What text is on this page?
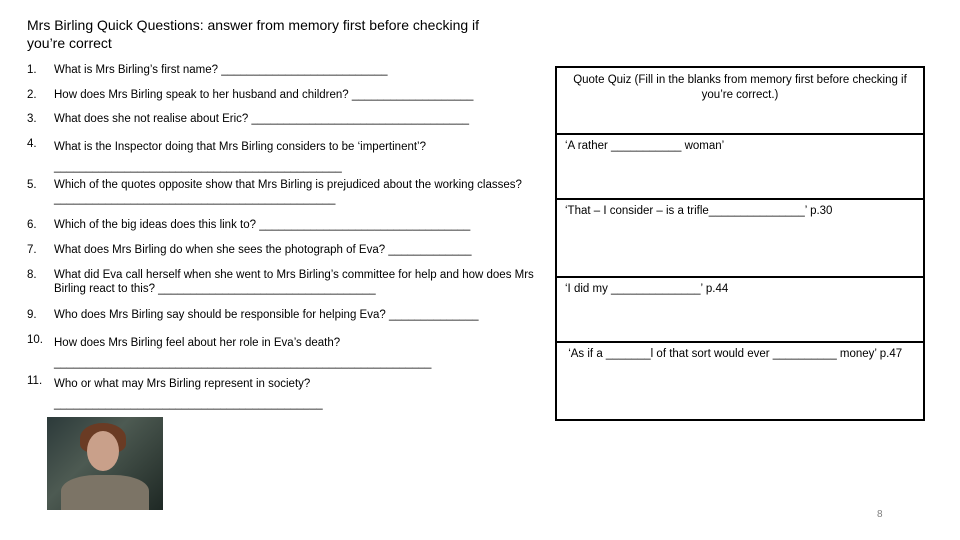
Mrs Birling Quick Questions: answer from memory first before checking if you’re correct
1.	What is Mrs Birling’s first name? __________________________
2.	How does Mrs Birling speak to her husband and children? ___________________
3.	What does she not realise about Eric? __________________________________
4.	What is the Inspector doing that Mrs Birling considers to be ‘impertinent’?
_____________________________________________
5.	Which of the quotes opposite show that Mrs Birling is prejudiced about the working classes? ____________________________________________
6.	Which of the big ideas does this link to? _________________________________
7.	What does Mrs Birling do when she sees the photograph of Eva? _____________
8.	What did Eva call herself when she went to Mrs Birling’s committee for help and how does Mrs Birling react to this? __________________________________
9.	Who does Mrs Birling say should be responsible for helping Eva? ______________
10. How does Mrs Birling feel about her role in Eva’s death?
___________________________________________________________
11.	Who or what may Mrs Birling represent in society?
__________________________________________
Quote Quiz (Fill in the blanks from memory first before checking if you’re correct.)
‘A rather ___________ woman’
‘That – I consider – is a trifle_______________’ p.30
‘I did my ______________’ p.44
‘As if a _______l of that sort would ever __________ money’ p.47
8
